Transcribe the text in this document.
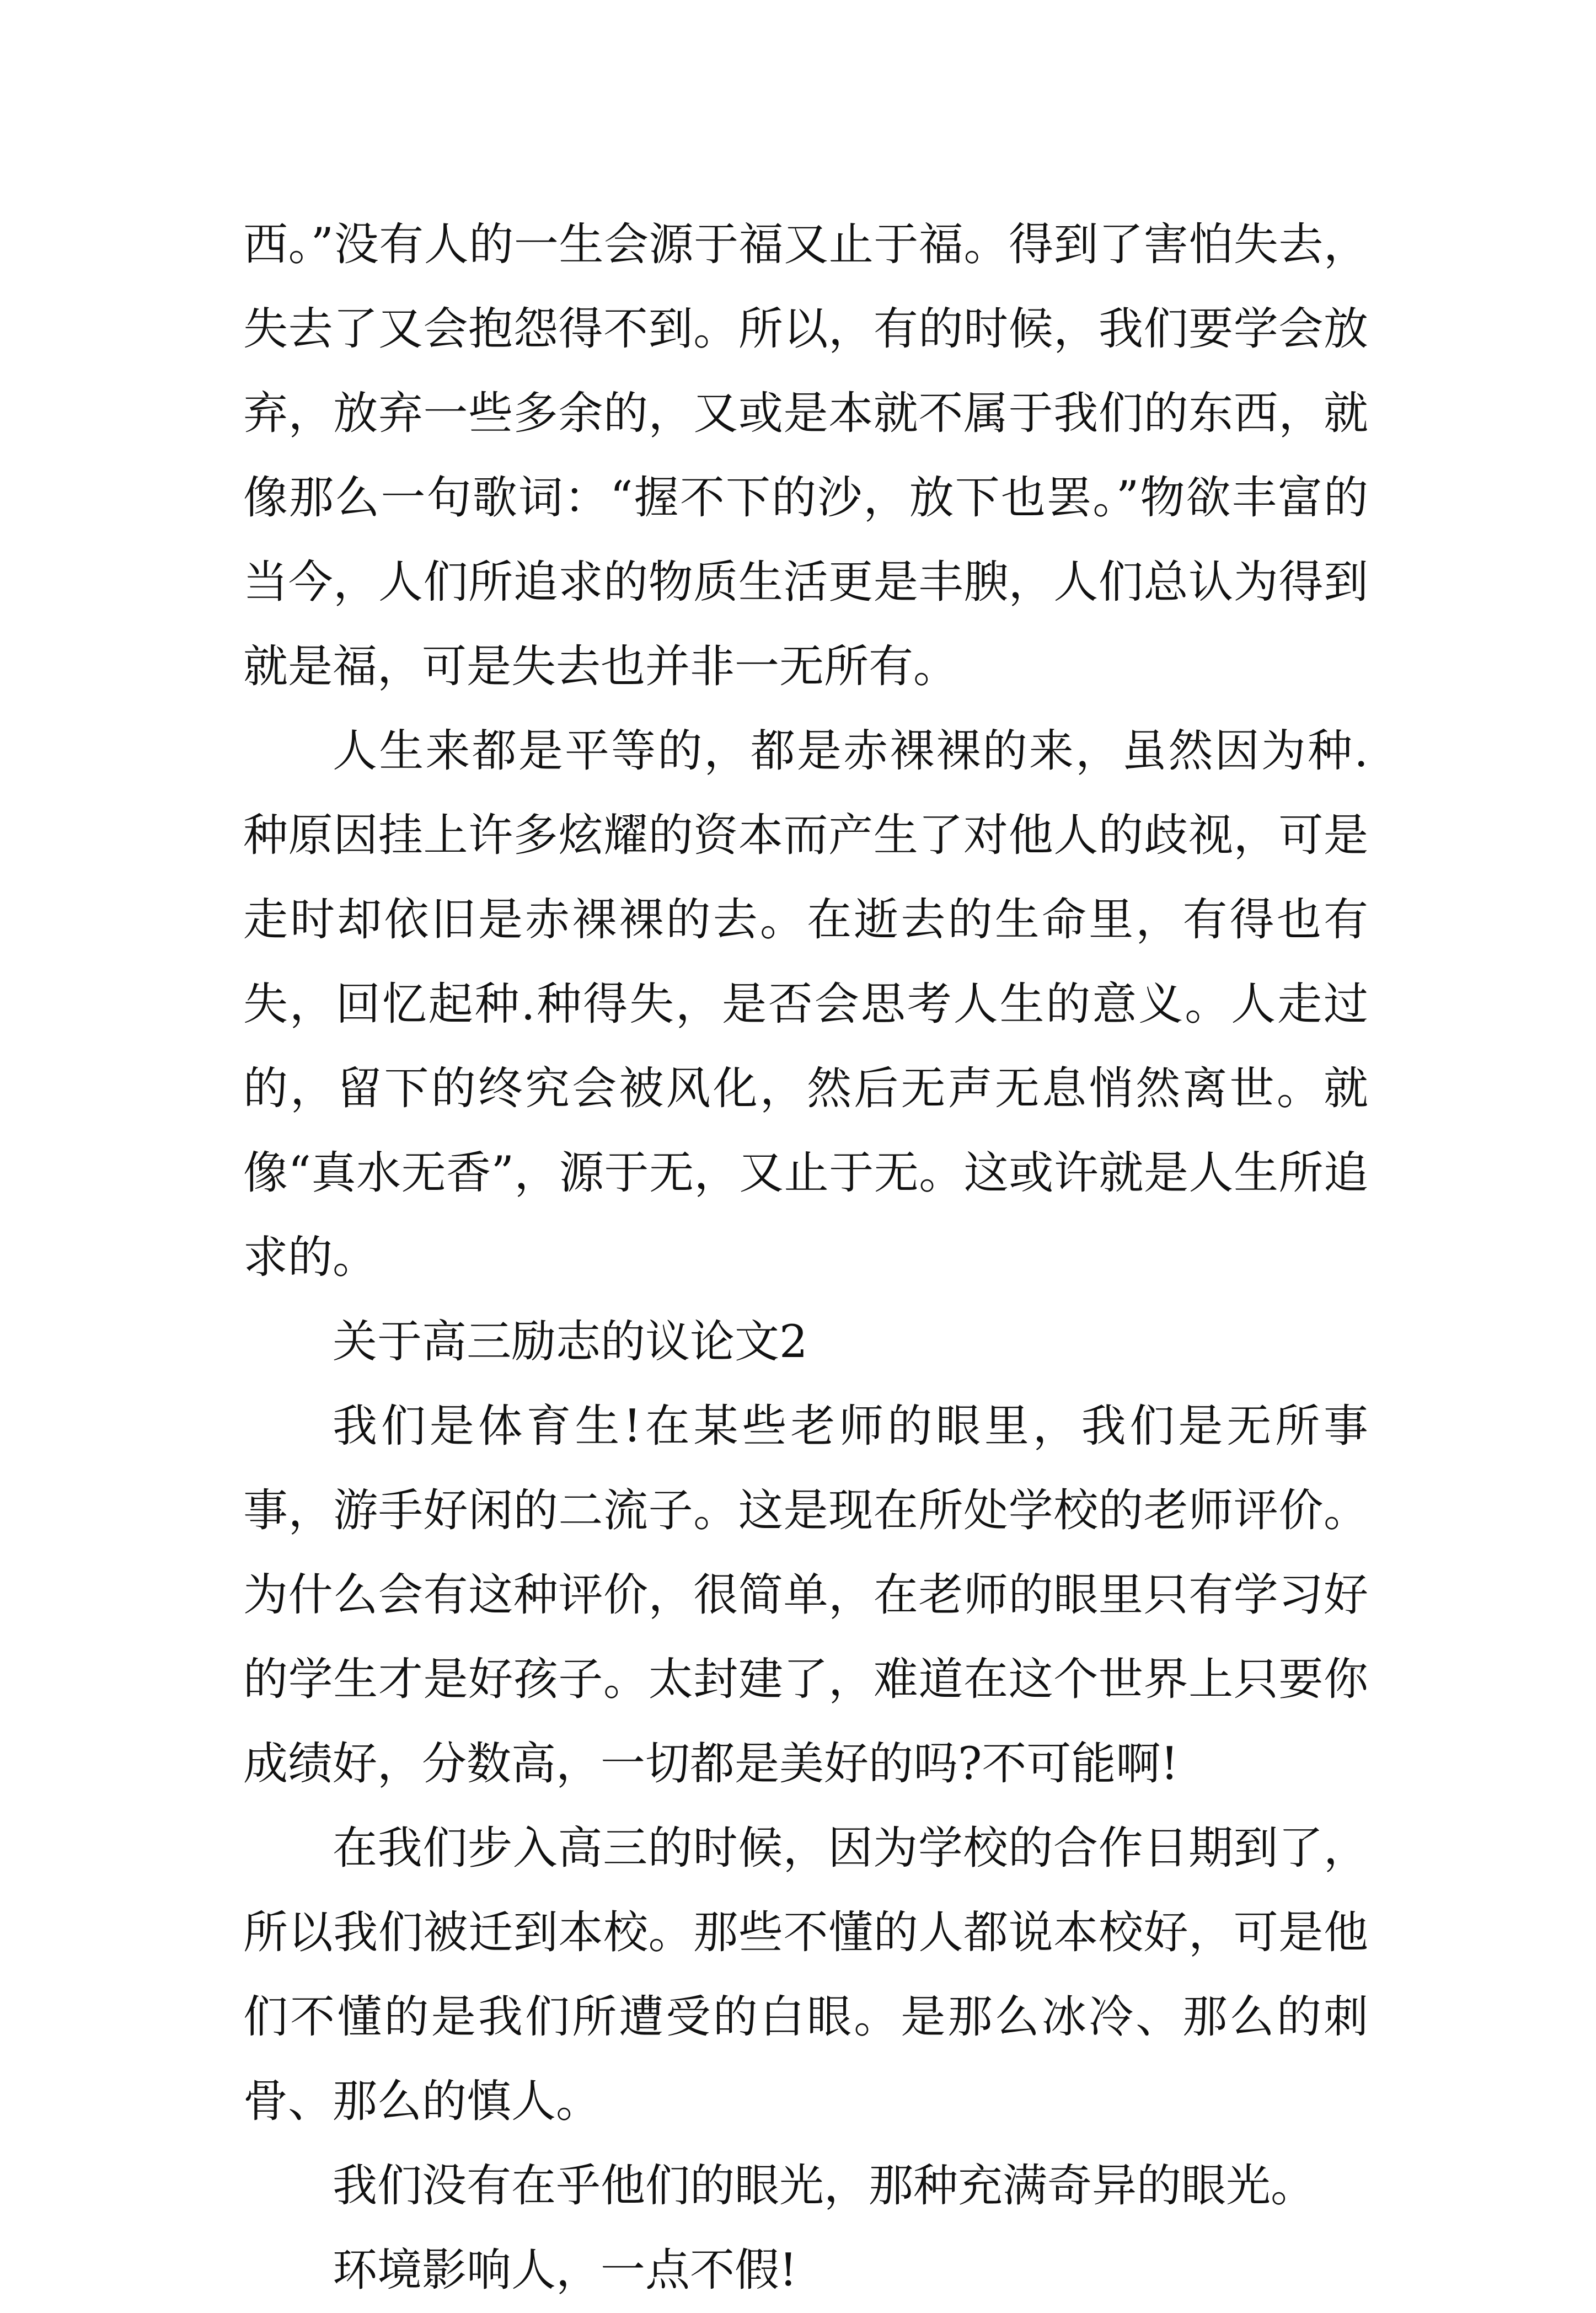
西。”没有人的一生会源于福又止于福。得到了害怕失去，失去了又会抱怨得不到。所以，有的时候，我们要学会放弃，放弃一些多余的，又或是本就不属于我们的东西，就像那么一句歌词：“握不下的沙，放下也罢。”物欲丰富的当今，人们所追求的物质生活更是丰腴，人们总认为得到就是福，可是失去也并非一无所有。

人生来都是平等的，都是赤裸裸的来，虽然因为种.种原因挂上许多炫耀的资本而产生了对他人的歧视，可是走时却依旧是赤裸裸的去。在逝去的生命里，有得也有失，回忆起种.种得失，是否会思考人生的意义。人走过的，留下的终究会被风化，然后无声无息悄然离世。就像“真水无香”，源于无，又止于无。这或许就是人生所追求的。

关于高三励志的议论文2

我们是体育生!在某些老师的眼里，我们是无所事事，游手好闲的二流子。这是现在所处学校的老师评价。为什么会有这种评价，很简单，在老师的眼里只有学习好的学生才是好孩子。太封建了，难道在这个世界上只要你成绩好，分数高，一切都是美好的吗?不可能啊!

在我们步入高三的时候，因为学校的合作日期到了，所以我们被迁到本校。那些不懂的人都说本校好，可是他们不懂的是我们所遭受的白眼。是那么冰冷、那么的刺骨、那么的慎人。

我们没有在乎他们的眼光，那种充满奇异的眼光。

环境影响人，一点不假!
